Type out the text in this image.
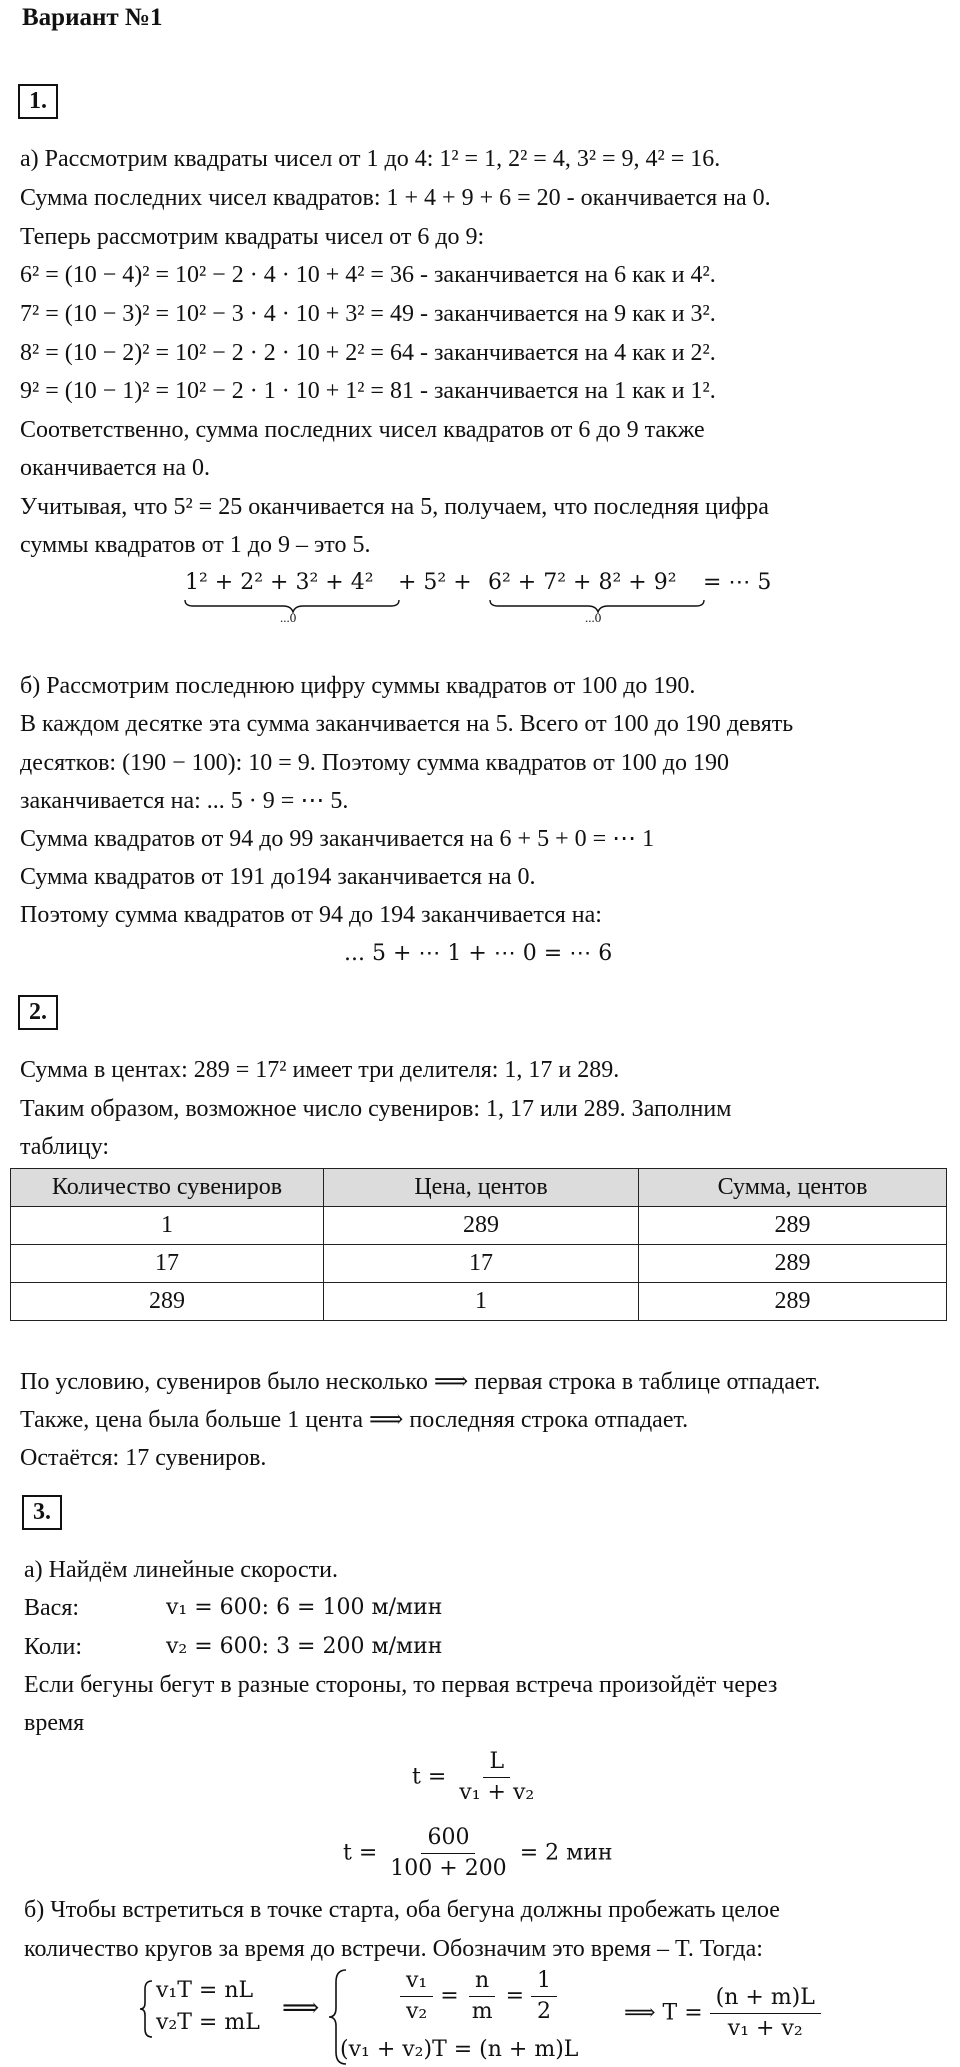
Вариант №1
1.
а) Рассмотрим квадраты чисел от 1 до 4: 1² = 1, 2² = 4, 3² = 9, 4² = 16.
Сумма последних чисел квадратов: 1 + 4 + 9 + 6 = 20 - оканчивается на 0.
Теперь рассмотрим квадраты чисел от 6 до 9:
6² = (10 − 4)² = 10² − 2 · 4 · 10 + 4² = 36 - заканчивается на 6 как и 4².
7² = (10 − 3)² = 10² − 3 · 4 · 10 + 3² = 49 - заканчивается на 9 как и 3².
8² = (10 − 2)² = 10² − 2 · 2 · 10 + 2² = 64 - заканчивается на 4 как и 2².
9² = (10 − 1)² = 10² − 2 · 1 · 10 + 1² = 81 - заканчивается на 1 как и 1².
Соответственно, сумма последних чисел квадратов от 6 до 9 также
оканчивается на 0.
Учитывая, что 5² = 25 оканчивается на 5, получаем, что последняя цифра
суммы квадратов от 1 до 9 – это 5.
1² + 2² + 3² + 4² + 5² + 6² + 7² + 8² + 9² = ⋯ 5
...0	...0
б) Рассмотрим последнюю цифру суммы квадратов от 100 до 190.
В каждом десятке эта сумма заканчивается на 5. Всего от 100 до 190 девять
десятков: (190 − 100): 10 = 9. Поэтому сумма квадратов от 100 до 190
заканчивается на: ... 5 · 9 = ⋯ 5.
Сумма квадратов от 94 до 99 заканчивается на 6 + 5 + 0 = ⋯ 1
Сумма квадратов от 191 до194 заканчивается на 0.
Поэтому сумма квадратов от 94 до 194 заканчивается на:
... 5 + ⋯ 1 + ⋯ 0 = ⋯ 6
2.
Сумма в центах: 289 = 17² имеет три делителя: 1, 17 и 289.
Таким образом, возможное число сувениров: 1, 17 или 289. Заполним
таблицу:
Количество сувениров	Цена, центов	Сумма, центов
1	289	289
17	17	289
289	1	289
По условию, сувениров было несколько ⟹ первая строка в таблице отпадает.
Также, цена была больше 1 цента ⟹ последняя строка отпадает.
Остаётся: 17 сувениров.
3.
а) Найдём линейные скорости.
Вася:	v₁ = 600: 6 = 100 м/мин
Коли:	v₂ = 600: 3 = 200 м/мин
Если бегуны бегут в разные стороны, то первая встреча произойдёт через
время
$t = \frac{L}{\text{v₁ + v₂}}$
$t = \frac{600}{100 + 200} = 2$ мин
б) Чтобы встретиться в точке старта, оба бегуна должны пробежать целое
количество кругов за время до встречи. Обозначим это время – T. Тогда:
v₁T = nL
v₂T = mL ⟹	$\frac{\text{v₁}}{\text{v₂}} = \frac{n}{m} = \frac{1}{2}$
(v₁ + v₂)T = (n + m)L
⟹ $T = \frac{(n + m)L}{\text{v₁ + v₂}}$
